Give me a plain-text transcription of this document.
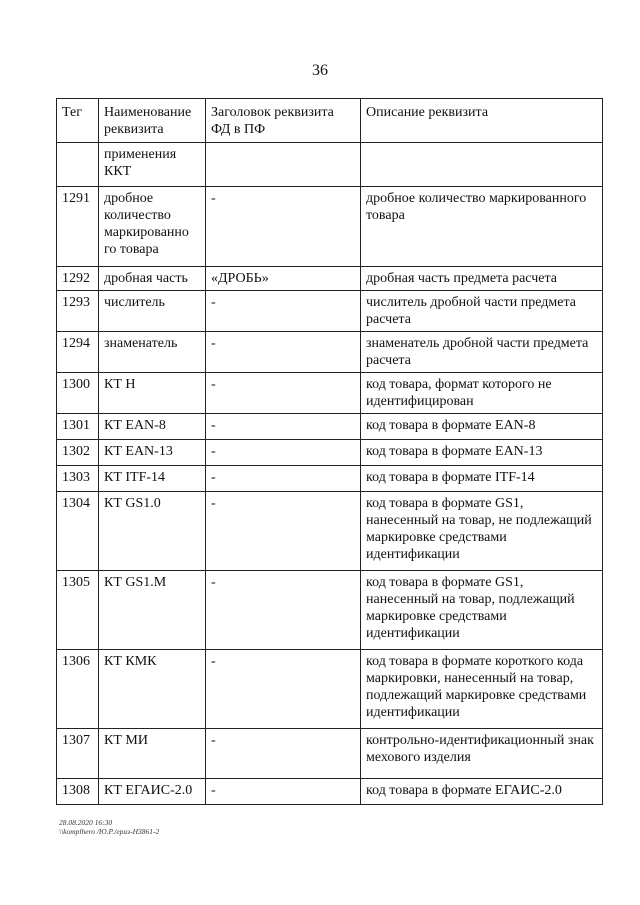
36
Тег	Наименование реквизита	Заголовок реквизита ФД в ПФ	Описание реквизита
	применения ККТ		
1291	дробное количество маркированно го товара	-	дробное количество маркированного товара
1292	дробная часть	«ДРОБЬ»	дробная часть предмета расчета
1293	числитель	-	числитель дробной части предмета расчета
1294	знаменатель	-	знаменатель дробной части предмета расчета
1300	КТ Н	-	код товара, формат которого не идентифицирован
1301	КТ EAN-8	-	код товара в формате EAN-8
1302	КТ EAN-13	-	код товара в формате EAN-13
1303	КТ ITF-14	-	код товара в формате ITF-14
1304	КТ GS1.0	-	код товара в формате GS1, нанесенный на товар, не подлежащий маркировке средствами идентификации
1305	КТ GS1.M	-	код товара в формате GS1, нанесенный на товар, подлежащий маркировке средствами идентификации
1306	КТ КМК	-	код товара в формате короткого кода маркировки, нанесенный на товар, подлежащий маркировке средствами идентификации
1307	КТ МИ	-	контрольно-идентификационный знак мехового изделия
1308	КТ ЕГАИС-2.0	-	код товара в формате ЕГАИС-2.0
28.08.2020 16:30
\\komplhero /Ю.Р./ериз-Н3861-2
